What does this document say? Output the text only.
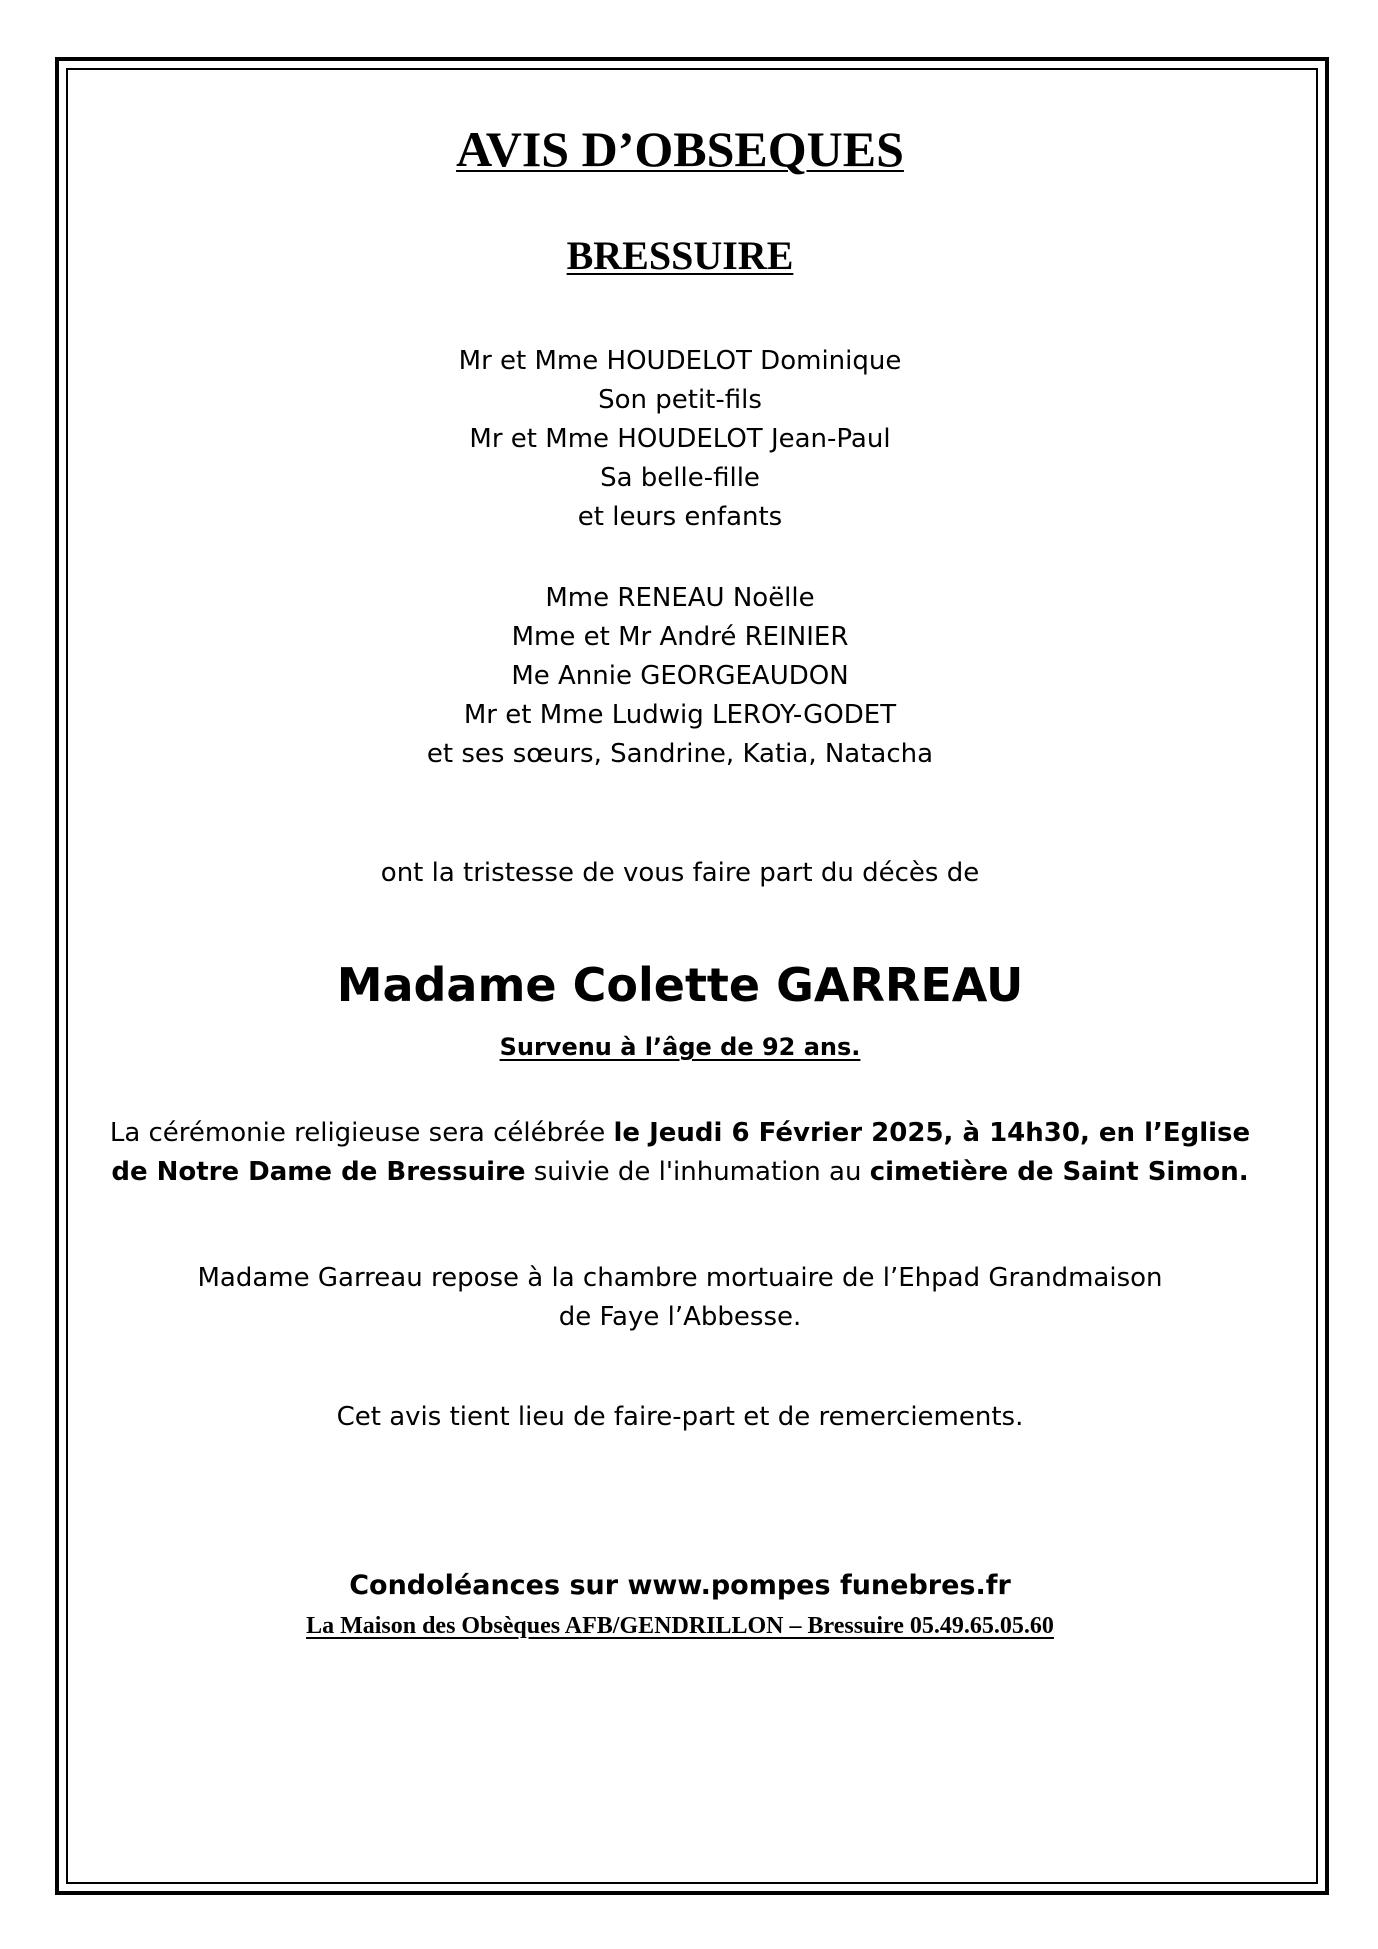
AVIS D’OBSEQUES
BRESSUIRE
Mr et Mme HOUDELOT Dominique
Son petit-fils
Mr et Mme HOUDELOT Jean-Paul
Sa belle-fille
et leurs enfants
Mme RENEAU Noëlle
Mme et Mr André REINIER
Me Annie GEORGEAUDON
Mr et Mme Ludwig LEROY-GODET
et ses sœurs, Sandrine, Katia, Natacha
ont la tristesse de vous faire part du décès de
Madame Colette GARREAU
Survenu à l’âge de 92 ans.
La cérémonie religieuse sera célébrée le Jeudi 6 Février 2025, à 14h30, en l’Eglise
de Notre Dame de Bressuire suivie de l'inhumation au cimetière de Saint Simon.
Madame Garreau repose à la chambre mortuaire de l’Ehpad Grandmaison
de Faye l’Abbesse.
Cet avis tient lieu de faire-part et de remerciements.
Condoléances sur www.pompes funebres.fr
La Maison des Obsèques AFB/GENDRILLON – Bressuire 05.49.65.05.60
